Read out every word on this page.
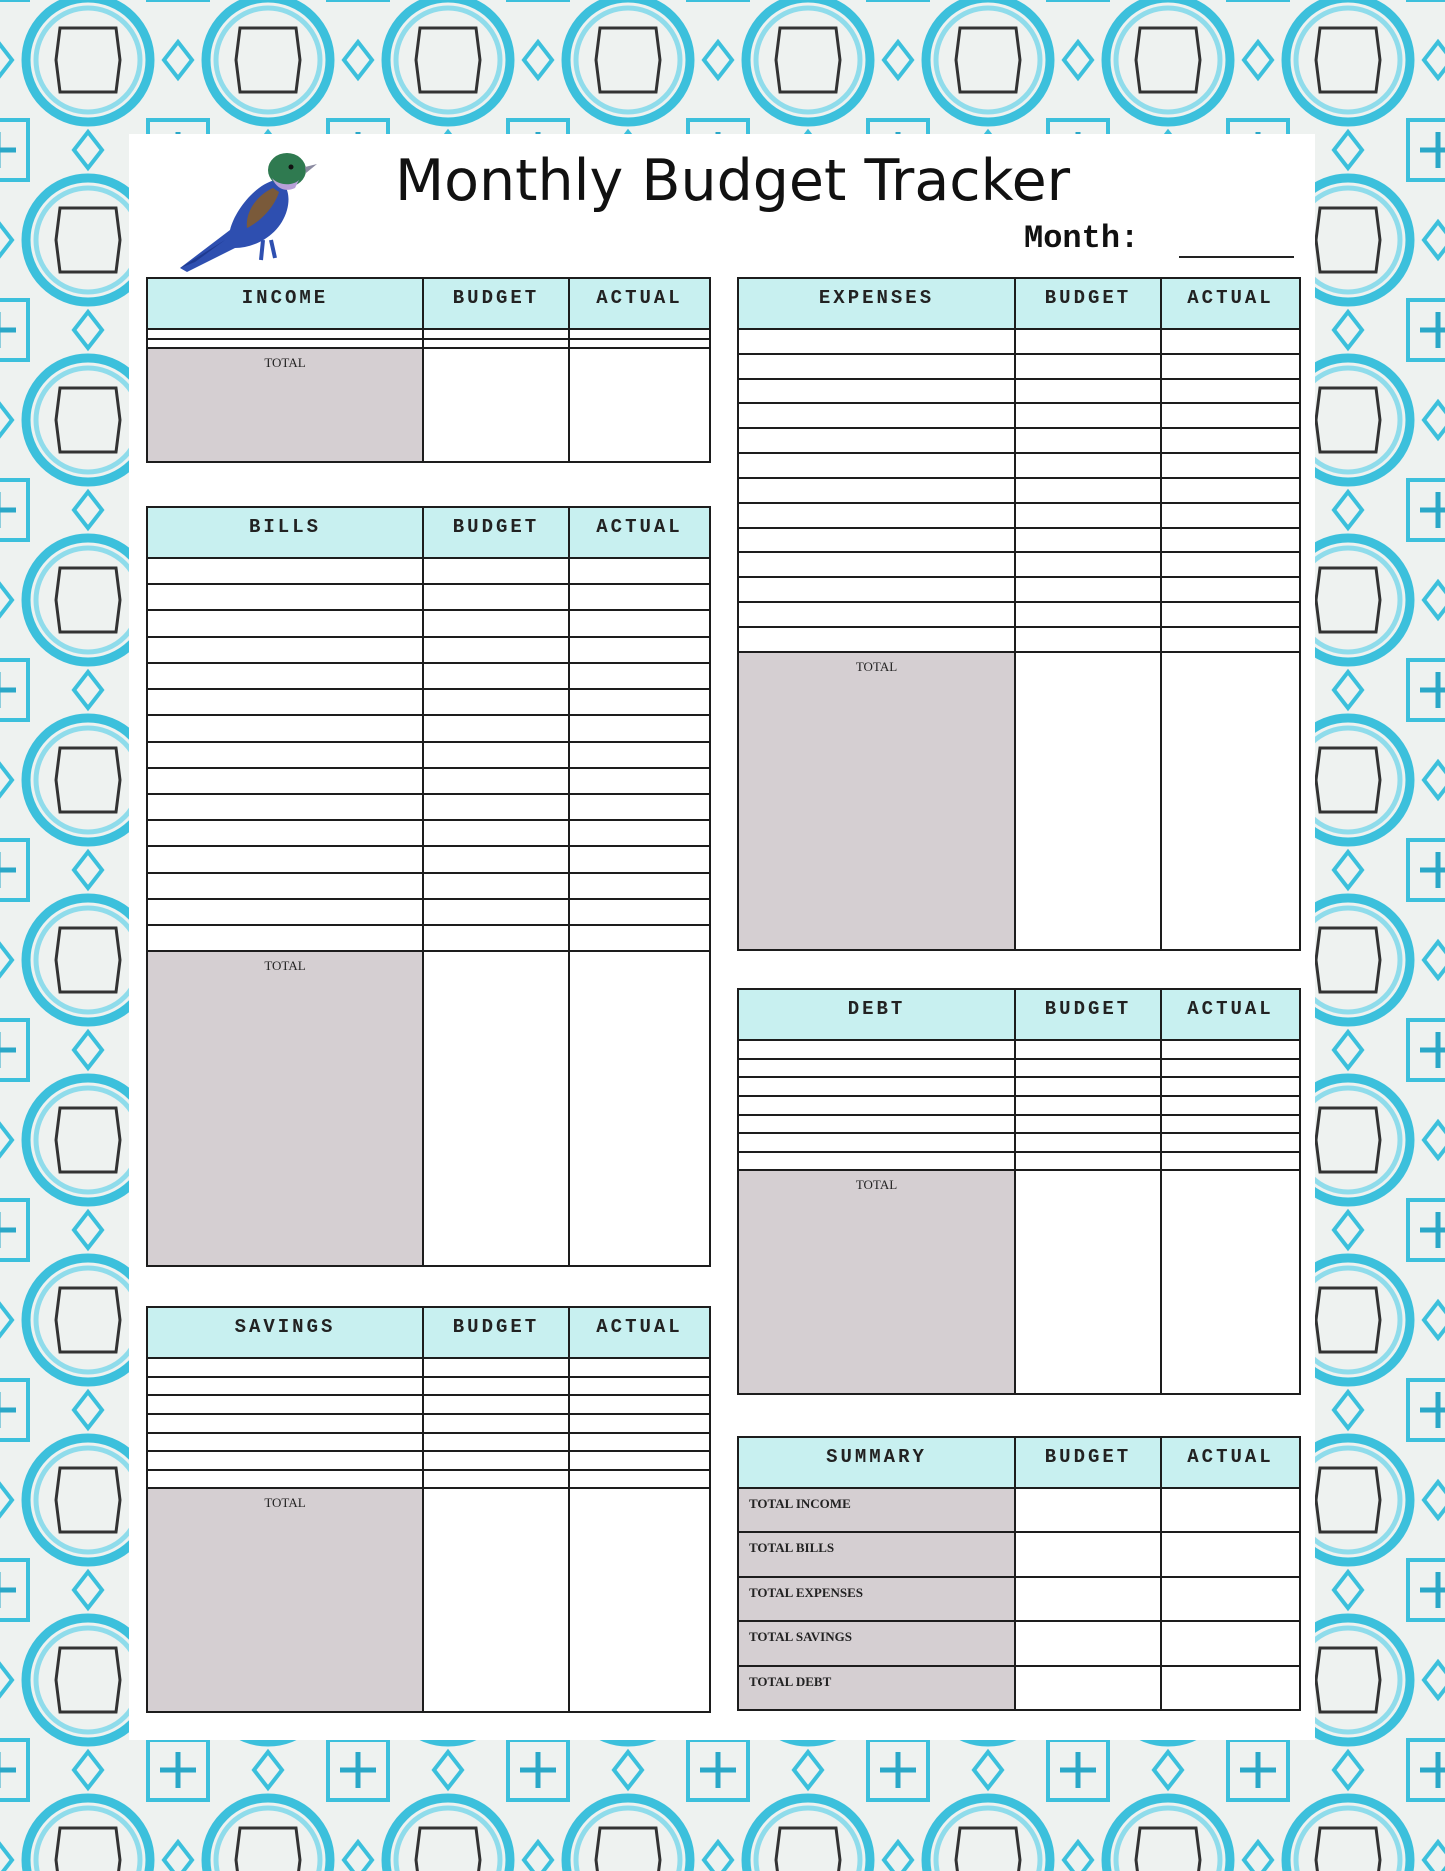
Monthly Budget Tracker
Month:
INCOME	BUDGET	ACTUAL

TOTAL		
BILLS	BUDGET	ACTUAL

TOTAL		
SAVINGS	BUDGET	ACTUAL

TOTAL		
EXPENSES	BUDGET	ACTUAL

TOTAL		
DEBT	BUDGET	ACTUAL

TOTAL		
SUMMARY	BUDGET	ACTUAL
TOTAL INCOME		
TOTAL BILLS		
TOTAL EXPENSES		
TOTAL SAVINGS		
TOTAL DEBT		
